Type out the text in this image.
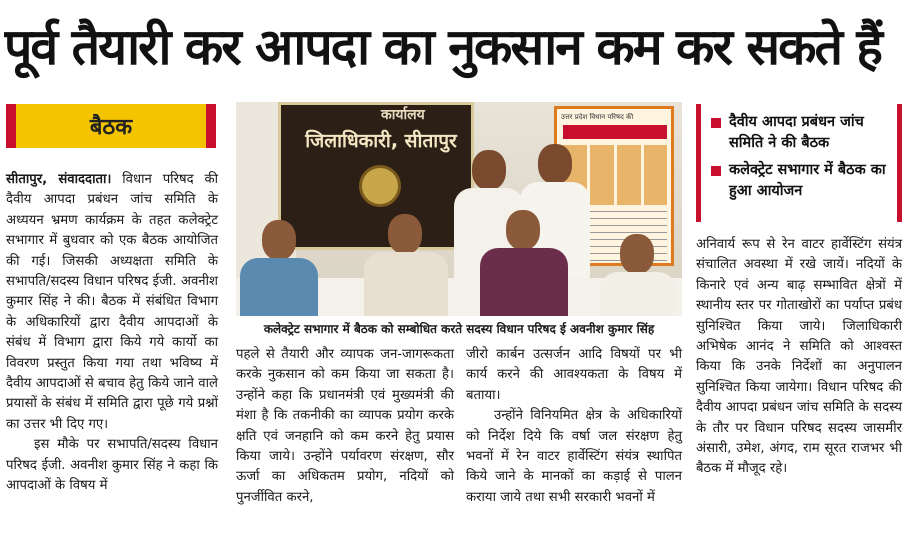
पूर्व तैयारी कर आपदा का नुकसान कम कर सकते हैं
बैठक

सीतापुर, संवाददाता। विधान परिषद की दैवीय आपदा प्रबंधन जांच समिति के अध्ययन भ्रमण कार्यक्रम के तहत कलेक्ट्रेट सभागार में बुधवार को एक बैठक आयोजित की गई। जिसकी अध्यक्षता समिति के सभापति/सदस्य विधान परिषद ईजी. अवनीश कुमार सिंह ने की। बैठक में संबंधित विभाग के अधिकारियों द्वारा दैवीय आपदाओं के संबंध में विभाग द्वारा किये गये कार्यो का विवरण प्रस्तुत किया गया तथा भविष्य में दैवीय आपदाओं से बचाव हेतु किये जाने वाले प्रयासों के संबंध में समिति द्वारा पूछे गये प्रश्नों का उत्तर भी दिए गए।

इस मौके पर सभापति/सदस्य विधान परिषद ईजी. अवनीश कुमार सिंह ने कहा कि आपदाओं के विषय में

कार्यालय
जिलाधिकारी, सीतापुर
उत्तर प्रदेश विधान परिषद की
कलेक्ट्रेट सभागार में बैठक को सम्बोधित करते सदस्य विधान परिषद ई अवनीश कुमार सिंह

पहले से तैयारी और व्यापक जन-जागरूकता करके नुकसान को कम किया जा सकता है। उन्होंने कहा कि प्रधानमंत्री एवं मुख्यमंत्री की मंशा है कि तकनीकी का व्यापक प्रयोग करके क्षति एवं जनहानि को कम करने हेतु प्रयास किया जाये। उन्होंने पर्यावरण संरक्षण, सौर ऊर्जा का अधिकतम प्रयोग, नदियों को पुनर्जीवित करने,

जीरो कार्बन उत्सर्जन आदि विषयों पर भी कार्य करने की आवश्यकता के विषय में बताया।

उन्होंने विनियमित क्षेत्र के अधिकारियों को निर्देश दिये कि वर्षा जल संरक्षण हेतु भवनों में रेन वाटर हार्वेस्टिंग संयंत्र स्थापित किये जाने के मानकों का कड़ाई से पालन कराया जाये तथा सभी सरकारी भवनों में

दैवीय आपदा प्रबंधन जांच समिति ने की बैठक
कलेक्ट्रेट सभागार में बैठक का हुआ आयोजन

अनिवार्य रूप से रेन वाटर हार्वेस्टिंग संयंत्र संचालित अवस्था में रखे जायें। नदियों के किनारे एवं अन्य बाढ़ सम्भावित क्षेत्रों में स्थानीय स्तर पर गोताखोरों का पर्याप्त प्रबंध सुनिश्चित किया जाये। जिलाधिकारी अभिषेक आनंद ने समिति को आश्वस्त किया कि उनके निर्देशों का अनुपालन सुनिश्चित किया जायेगा। विधान परिषद की दैवीय आपदा प्रबंधन जांच समिति के सदस्य के तौर पर विधान परिषद सदस्य जासमीर अंसारी, उमेश, अंगद, राम सूरत राजभर भी बैठक में मौजूद रहे।
